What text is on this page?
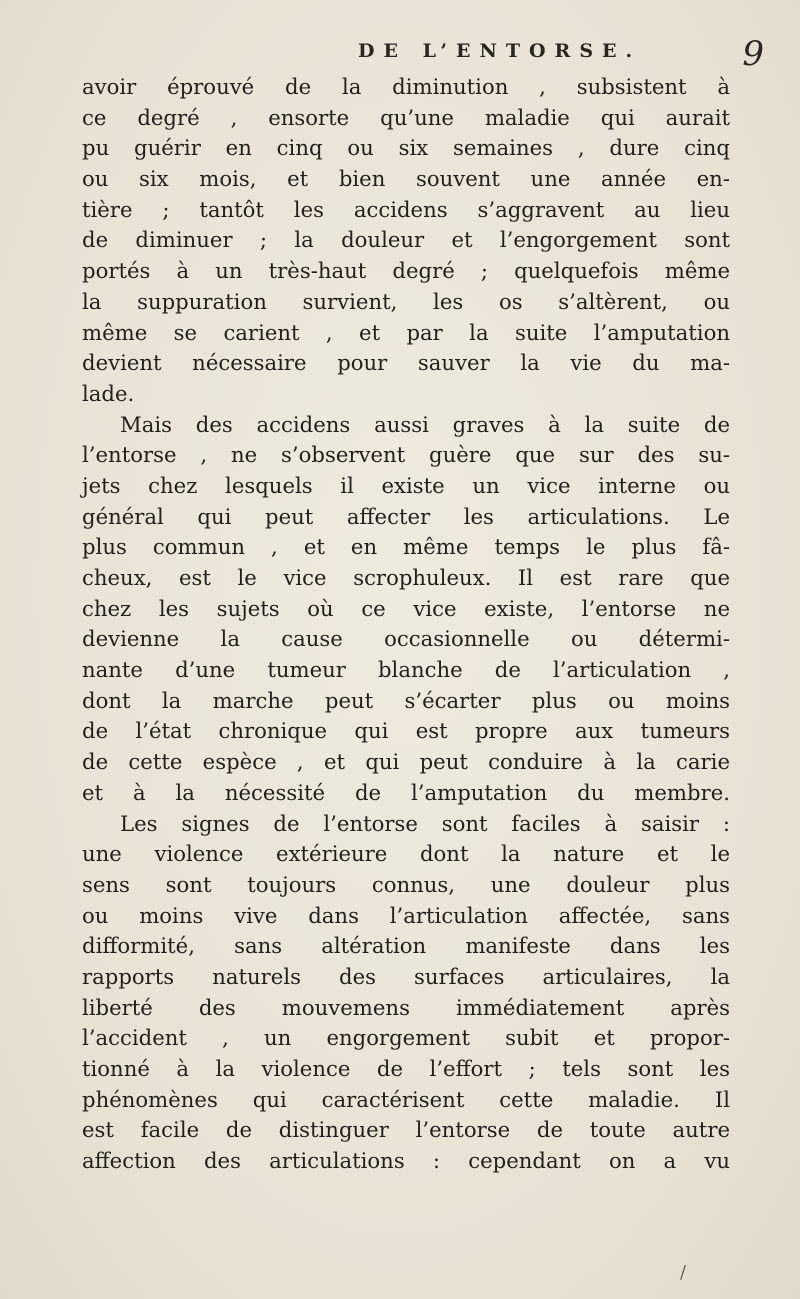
DE L’ENTORSE.	9
avoir éprouvé de la diminution , subsistent à
ce degré , ensorte qu’une maladie qui aurait
pu guérir en cinq ou six semaines , dure cinq
ou six mois, et bien souvent une année en-
tière ; tantôt les accidens s’aggravent au lieu
de diminuer ; la douleur et l’engorgement sont
portés à un très-haut degré ; quelquefois même
la suppuration survient, les os s’altèrent, ou
même se carient , et par la suite l’amputation
devient nécessaire pour sauver la vie du ma-
lade.
Mais des accidens aussi graves à la suite de
l’entorse , ne s’observent guère que sur des su-
jets chez lesquels il existe un vice interne ou
général qui peut affecter les articulations. Le
plus commun , et en même temps le plus fâ-
cheux, est le vice scrophuleux. Il est rare que
chez les sujets où ce vice existe, l’entorse ne
devienne la cause occasionnelle ou détermi-
nante d’une tumeur blanche de l’articulation ,
dont la marche peut s’écarter plus ou moins
de l’état chronique qui est propre aux tumeurs
de cette espèce , et qui peut conduire à la carie
et à la nécessité de l’amputation du membre.
Les signes de l’entorse sont faciles à saisir :
une violence extérieure dont la nature et le
sens sont toujours connus, une douleur plus
ou moins vive dans l’articulation affectée, sans
difformité, sans altération manifeste dans les
rapports naturels des surfaces articulaires, la
liberté des mouvemens immédiatement après
l’accident , un engorgement subit et propor-
tionné à la violence de l’effort ; tels sont les
phénomènes qui caractérisent cette maladie. Il
est facile de distinguer l’entorse de toute autre
affection des articulations : cependant on a vu
/
